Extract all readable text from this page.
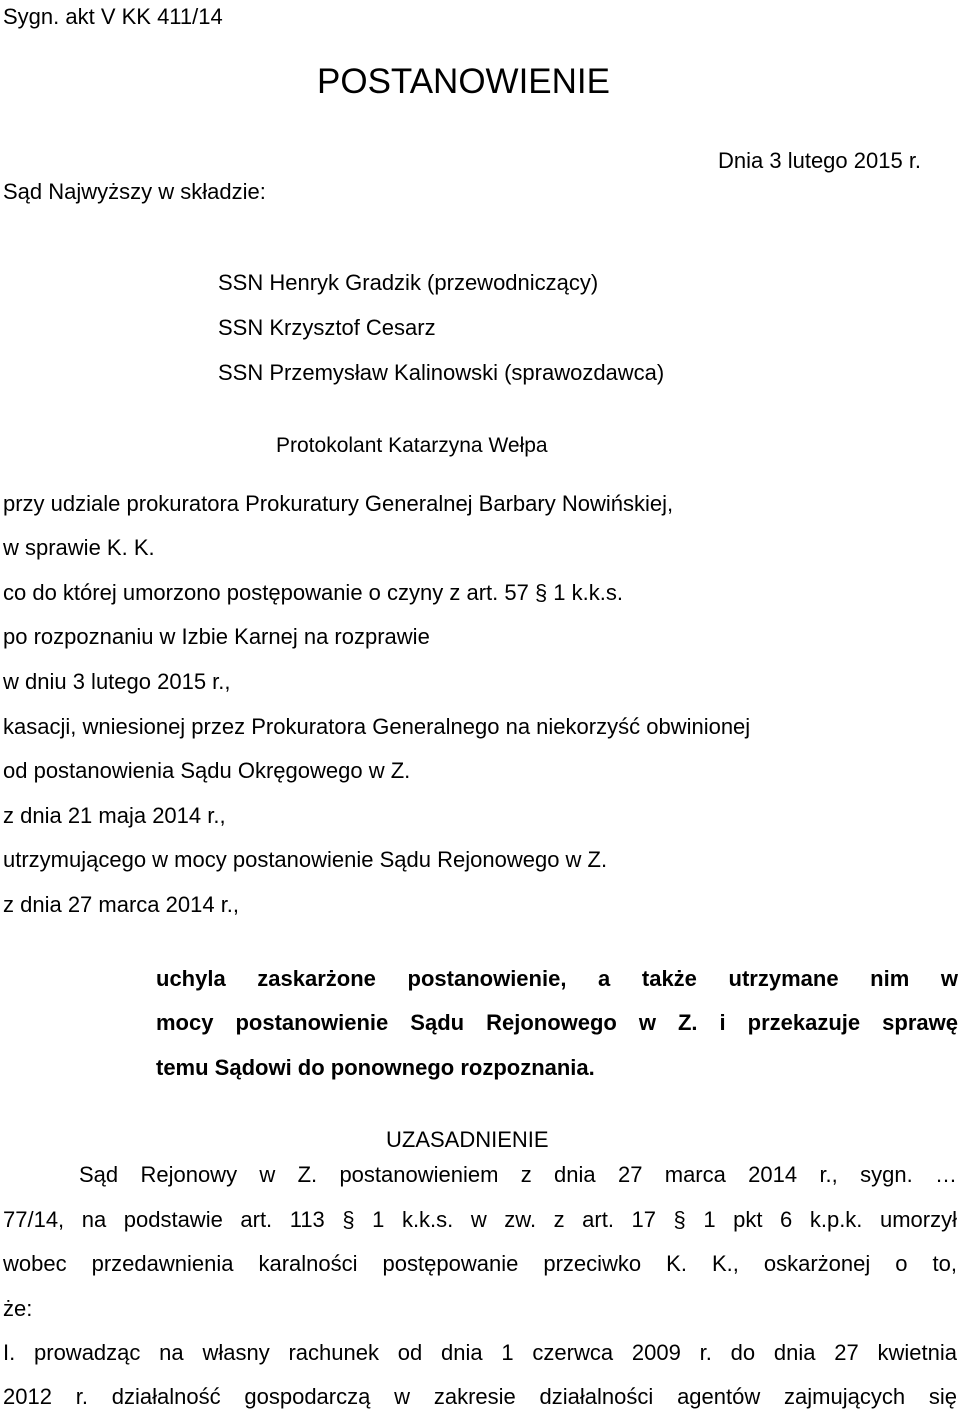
Sygn. akt V KK 411/14
POSTANOWIENIE
Dnia 3 lutego 2015 r.
Sąd Najwyższy w składzie:
SSN Henryk Gradzik (przewodniczący)
SSN Krzysztof Cesarz
SSN Przemysław Kalinowski (sprawozdawca)
Protokolant Katarzyna Wełpa
przy udziale prokuratora Prokuratury Generalnej Barbary Nowińskiej,
w sprawie K. K.
co do której umorzono postępowanie o czyny z art. 57 § 1 k.k.s.
po rozpoznaniu w Izbie Karnej na rozprawie
w dniu 3 lutego 2015 r.,
kasacji, wniesionej przez Prokuratora Generalnego na niekorzyść obwinionej
od postanowienia Sądu Okręgowego w Z.
z dnia 21 maja 2014 r.,
utrzymującego w mocy postanowienie Sądu Rejonowego w Z.
z dnia 27 marca 2014 r.,
uchyla zaskarżone postanowienie, a także utrzymane nim w
mocy postanowienie Sądu Rejonowego w Z. i przekazuje sprawę
temu Sądowi do ponownego rozpoznania.
UZASADNIENIE
Sąd Rejonowy w Z. postanowieniem z dnia 27 marca 2014 r., sygn. …
77/14, na podstawie art. 113 § 1 k.k.s. w zw. z art. 17 § 1 pkt 6 k.p.k. umorzył
wobec przedawnienia karalności postępowanie przeciwko K. K., oskarżonej o to,
że:
I. prowadząc na własny rachunek od dnia 1 czerwca 2009 r. do dnia 27 kwietnia
2012 r. działalność gospodarczą w zakresie działalności agentów zajmujących się
